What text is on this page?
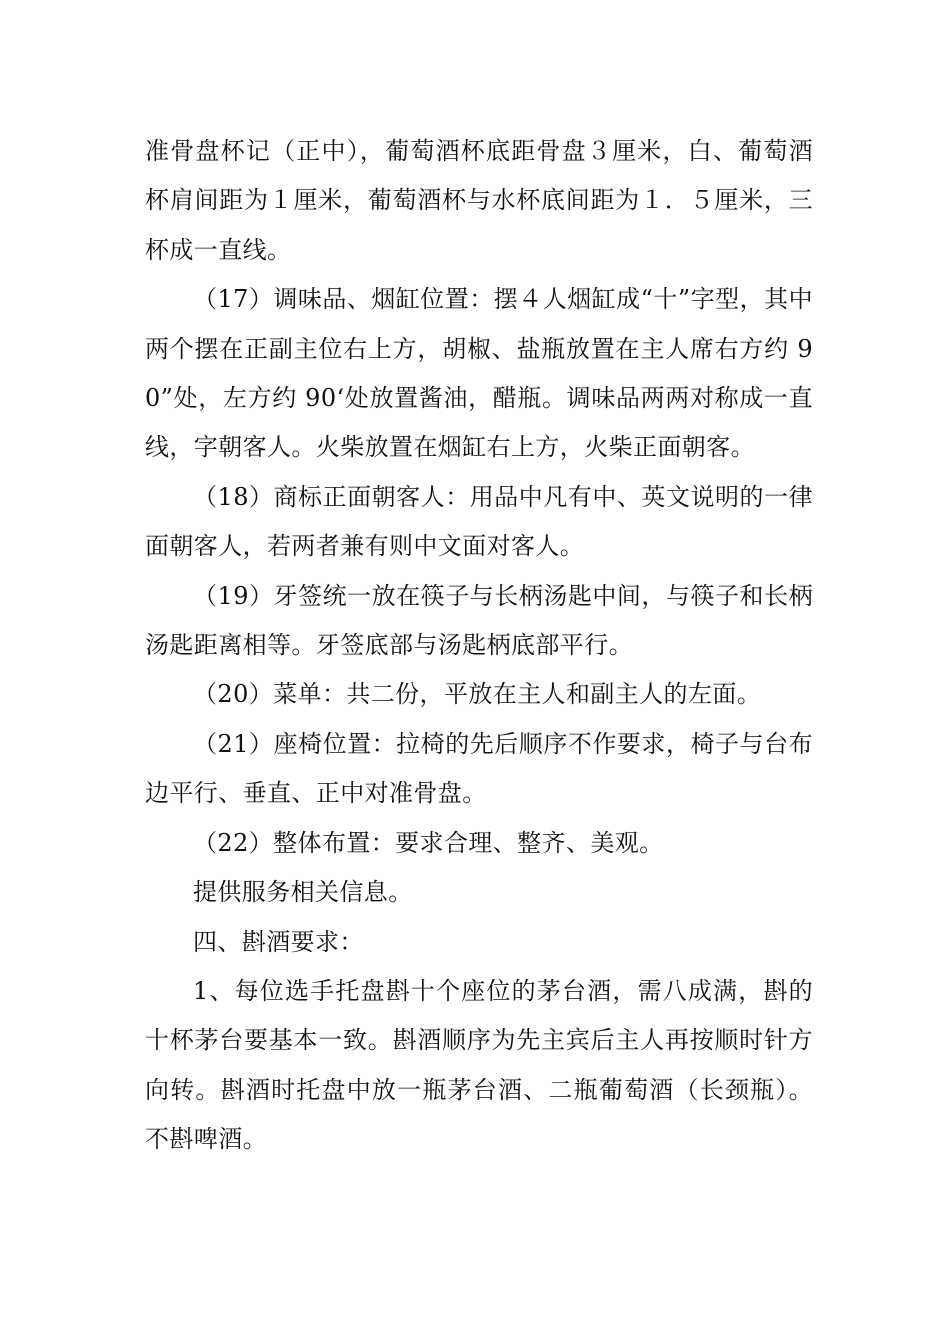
准骨盘杯记（正中），葡萄酒杯底距骨盘３厘米，白、葡萄酒杯肩间距为１厘米，葡萄酒杯与水杯底间距为１．５厘米，三杯成一直线。

（17）调味品、烟缸位置：摆４人烟缸成“十”字型，其中两个摆在正副主位右上方，胡椒、盐瓶放置在主人席右方约 90”处，左方约 90‘处放置酱油，醋瓶。调味品两两对称成一直线，字朝客人。火柴放置在烟缸右上方，火柴正面朝客。

（18）商标正面朝客人：用品中凡有中、英文说明的一律面朝客人，若两者兼有则中文面对客人。

（19）牙签统一放在筷子与长柄汤匙中间，与筷子和长柄汤匙距离相等。牙签底部与汤匙柄底部平行。

（20）菜单：共二份，平放在主人和副主人的左面。

（21）座椅位置：拉椅的先后顺序不作要求，椅子与台布边平行、垂直、正中对准骨盘。

（22）整体布置：要求合理、整齐、美观。

提供服务相关信息。

四、斟酒要求：

1、每位选手托盘斟十个座位的茅台酒，需八成满，斟的十杯茅台要基本一致。斟酒顺序为先主宾后主人再按顺时针方向转。斟酒时托盘中放一瓶茅台酒、二瓶葡萄酒（长颈瓶）。不斟啤酒。
